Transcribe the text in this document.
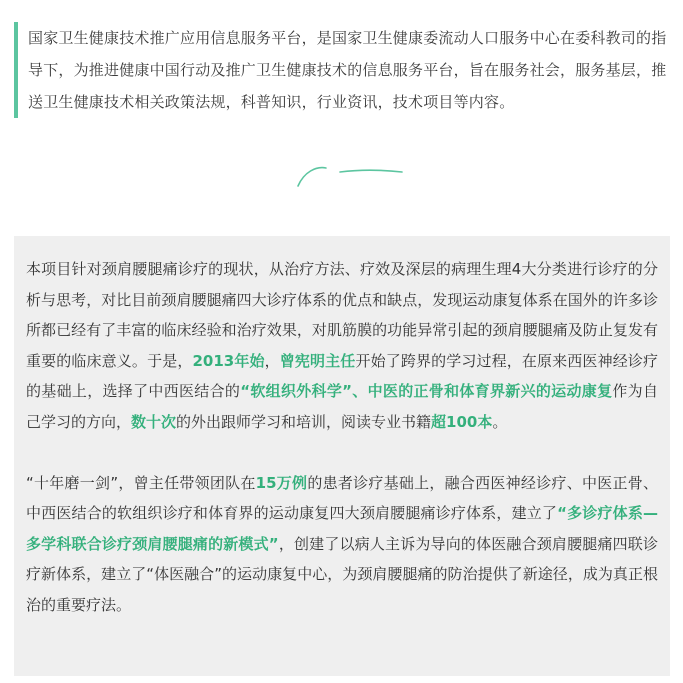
国家卫生健康技术推广应用信息服务平台，是国家卫生健康委流动人口服务中心在委科教司的指导下，为推进健康中国行动及推广卫生健康技术的信息服务平台，旨在服务社会，服务基层，推送卫生健康技术相关政策法规，科普知识，行业资讯，技术项目等内容。

本项目针对颈肩腰腿痛诊疗的现状，从治疗方法、疗效及深层的病理生理4大分类进行诊疗的分析与思考，对比目前颈肩腰腿痛四大诊疗体系的优点和缺点，发现运动康复体系在国外的许多诊所都已经有了丰富的临床经验和治疗效果，对肌筋膜的功能异常引起的颈肩腰腿痛及防止复发有重要的临床意义。于是，2013年始，曾宪明主任开始了跨界的学习过程，在原来西医神经诊疗的基础上，选择了中西医结合的“软组织外科学”、中医的正骨和体育界新兴的运动康复作为自己学习的方向，数十次的外出跟师学习和培训，阅读专业书籍超100本。

“十年磨一剑”，曾主任带领团队在15万例的患者诊疗基础上，融合西医神经诊疗、中医正骨、中西医结合的软组织诊疗和体育界的运动康复四大颈肩腰腿痛诊疗体系，建立了“多诊疗体系—多学科联合诊疗颈肩腰腿痛的新模式”，创建了以病人主诉为导向的体医融合颈肩腰腿痛四联诊疗新体系，建立了“体医融合”的运动康复中心，为颈肩腰腿痛的防治提供了新途径，成为真正根治的重要疗法。
